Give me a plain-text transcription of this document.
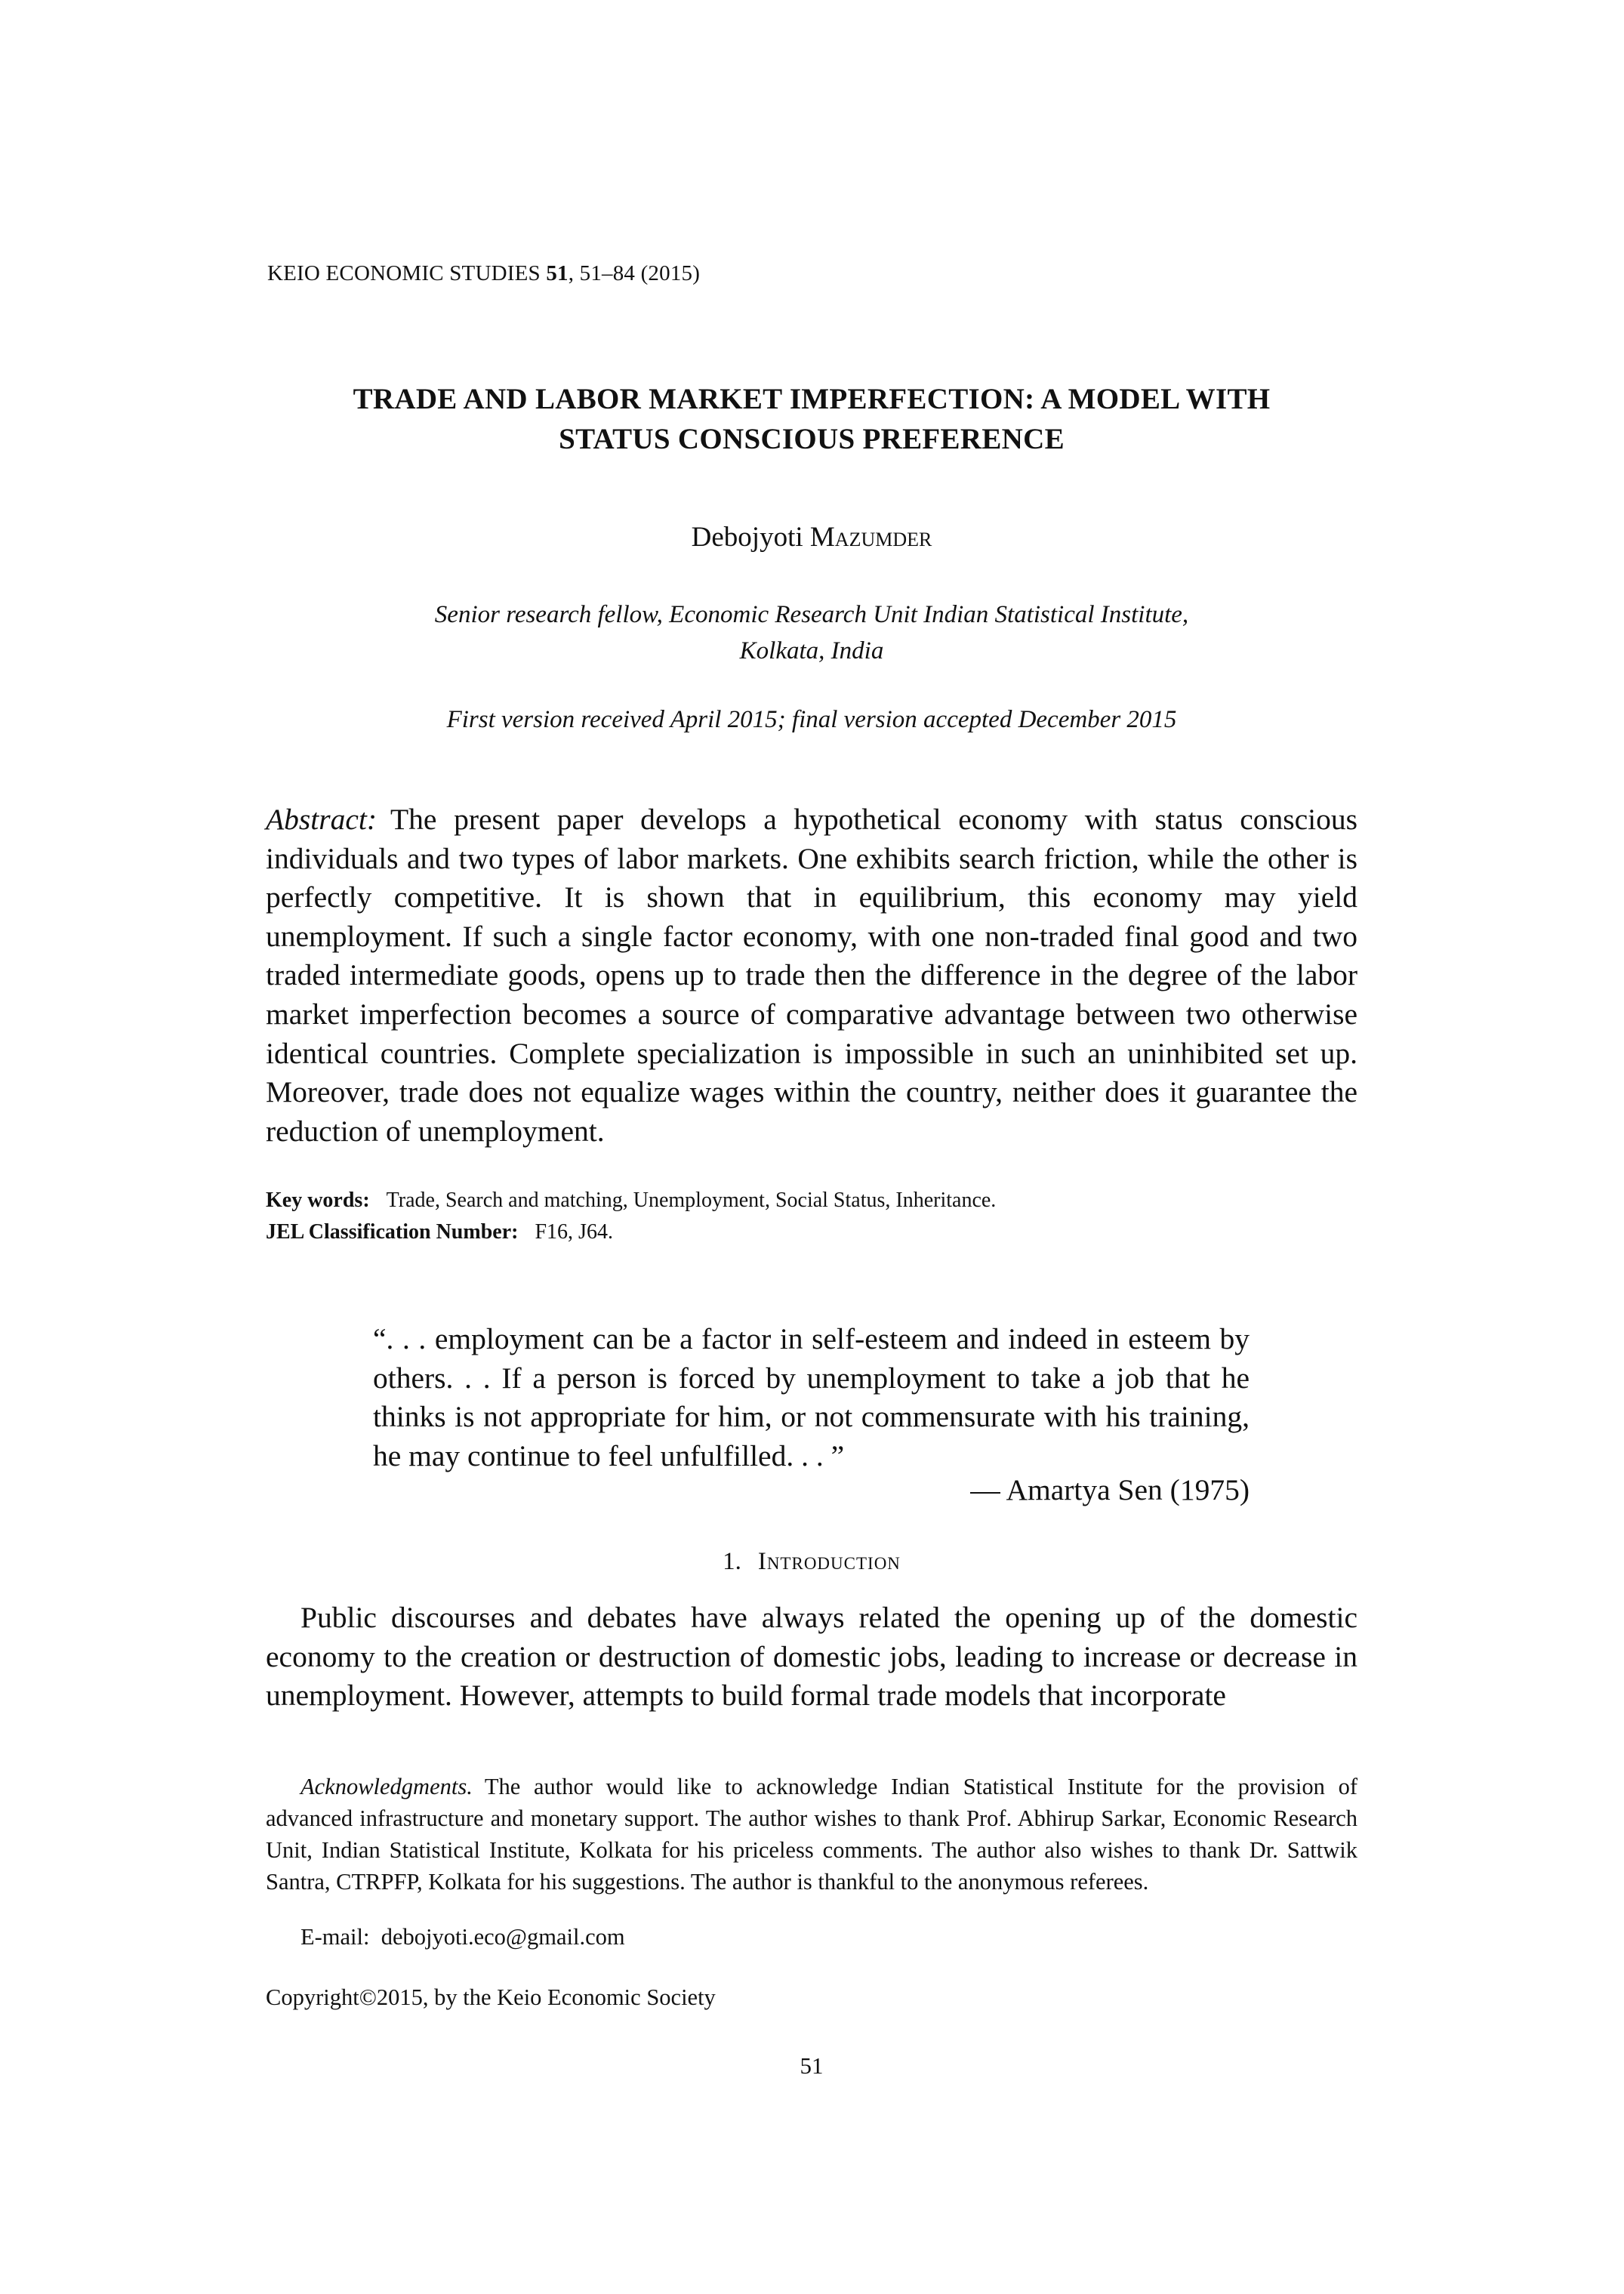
KEIO ECONOMIC STUDIES 51, 51–84 (2015)
TRADE AND LABOR MARKET IMPERFECTION: A MODEL WITH
STATUS CONSCIOUS PREFERENCE
Debojyoti Mazumder
Senior research fellow, Economic Research Unit Indian Statistical Institute,
Kolkata, India
First version received April 2015; final version accepted December 2015
Abstract: The present paper develops a hypothetical economy with status conscious individuals and two types of labor markets. One exhibits search friction, while the other is perfectly competitive. It is shown that in equilibrium, this economy may yield unemployment. If such a single factor economy, with one non-traded final good and two traded intermediate goods, opens up to trade then the difference in the degree of the labor market imperfection becomes a source of comparative advantage between two otherwise identical countries. Complete specialization is impossible in such an uninhibited set up. Moreover, trade does not equalize wages within the country, neither does it guarantee the reduction of unemployment.
Key words: Trade, Search and matching, Unemployment, Social Status, Inheritance.
JEL Classification Number: F16, J64.
“. . . employment can be a factor in self-esteem and indeed in esteem by others. . . If a person is forced by unemployment to take a job that he thinks is not appropriate for him, or not commensurate with his training, he may continue to feel unfulfilled. . . ”
— Amartya Sen (1975)
1. Introduction
Public discourses and debates have always related the opening up of the domestic economy to the creation or destruction of domestic jobs, leading to increase or decrease in unemployment. However, attempts to build formal trade models that incorporate
Acknowledgments. The author would like to acknowledge Indian Statistical Institute for the provision of advanced infrastructure and monetary support. The author wishes to thank Prof. Abhirup Sarkar, Economic Research Unit, Indian Statistical Institute, Kolkata for his priceless comments. The author also wishes to thank Dr. Sattwik Santra, CTRPFP, Kolkata for his suggestions. The author is thankful to the anonymous referees.
E-mail: debojyoti.eco@gmail.com
Copyright©2015, by the Keio Economic Society
51
